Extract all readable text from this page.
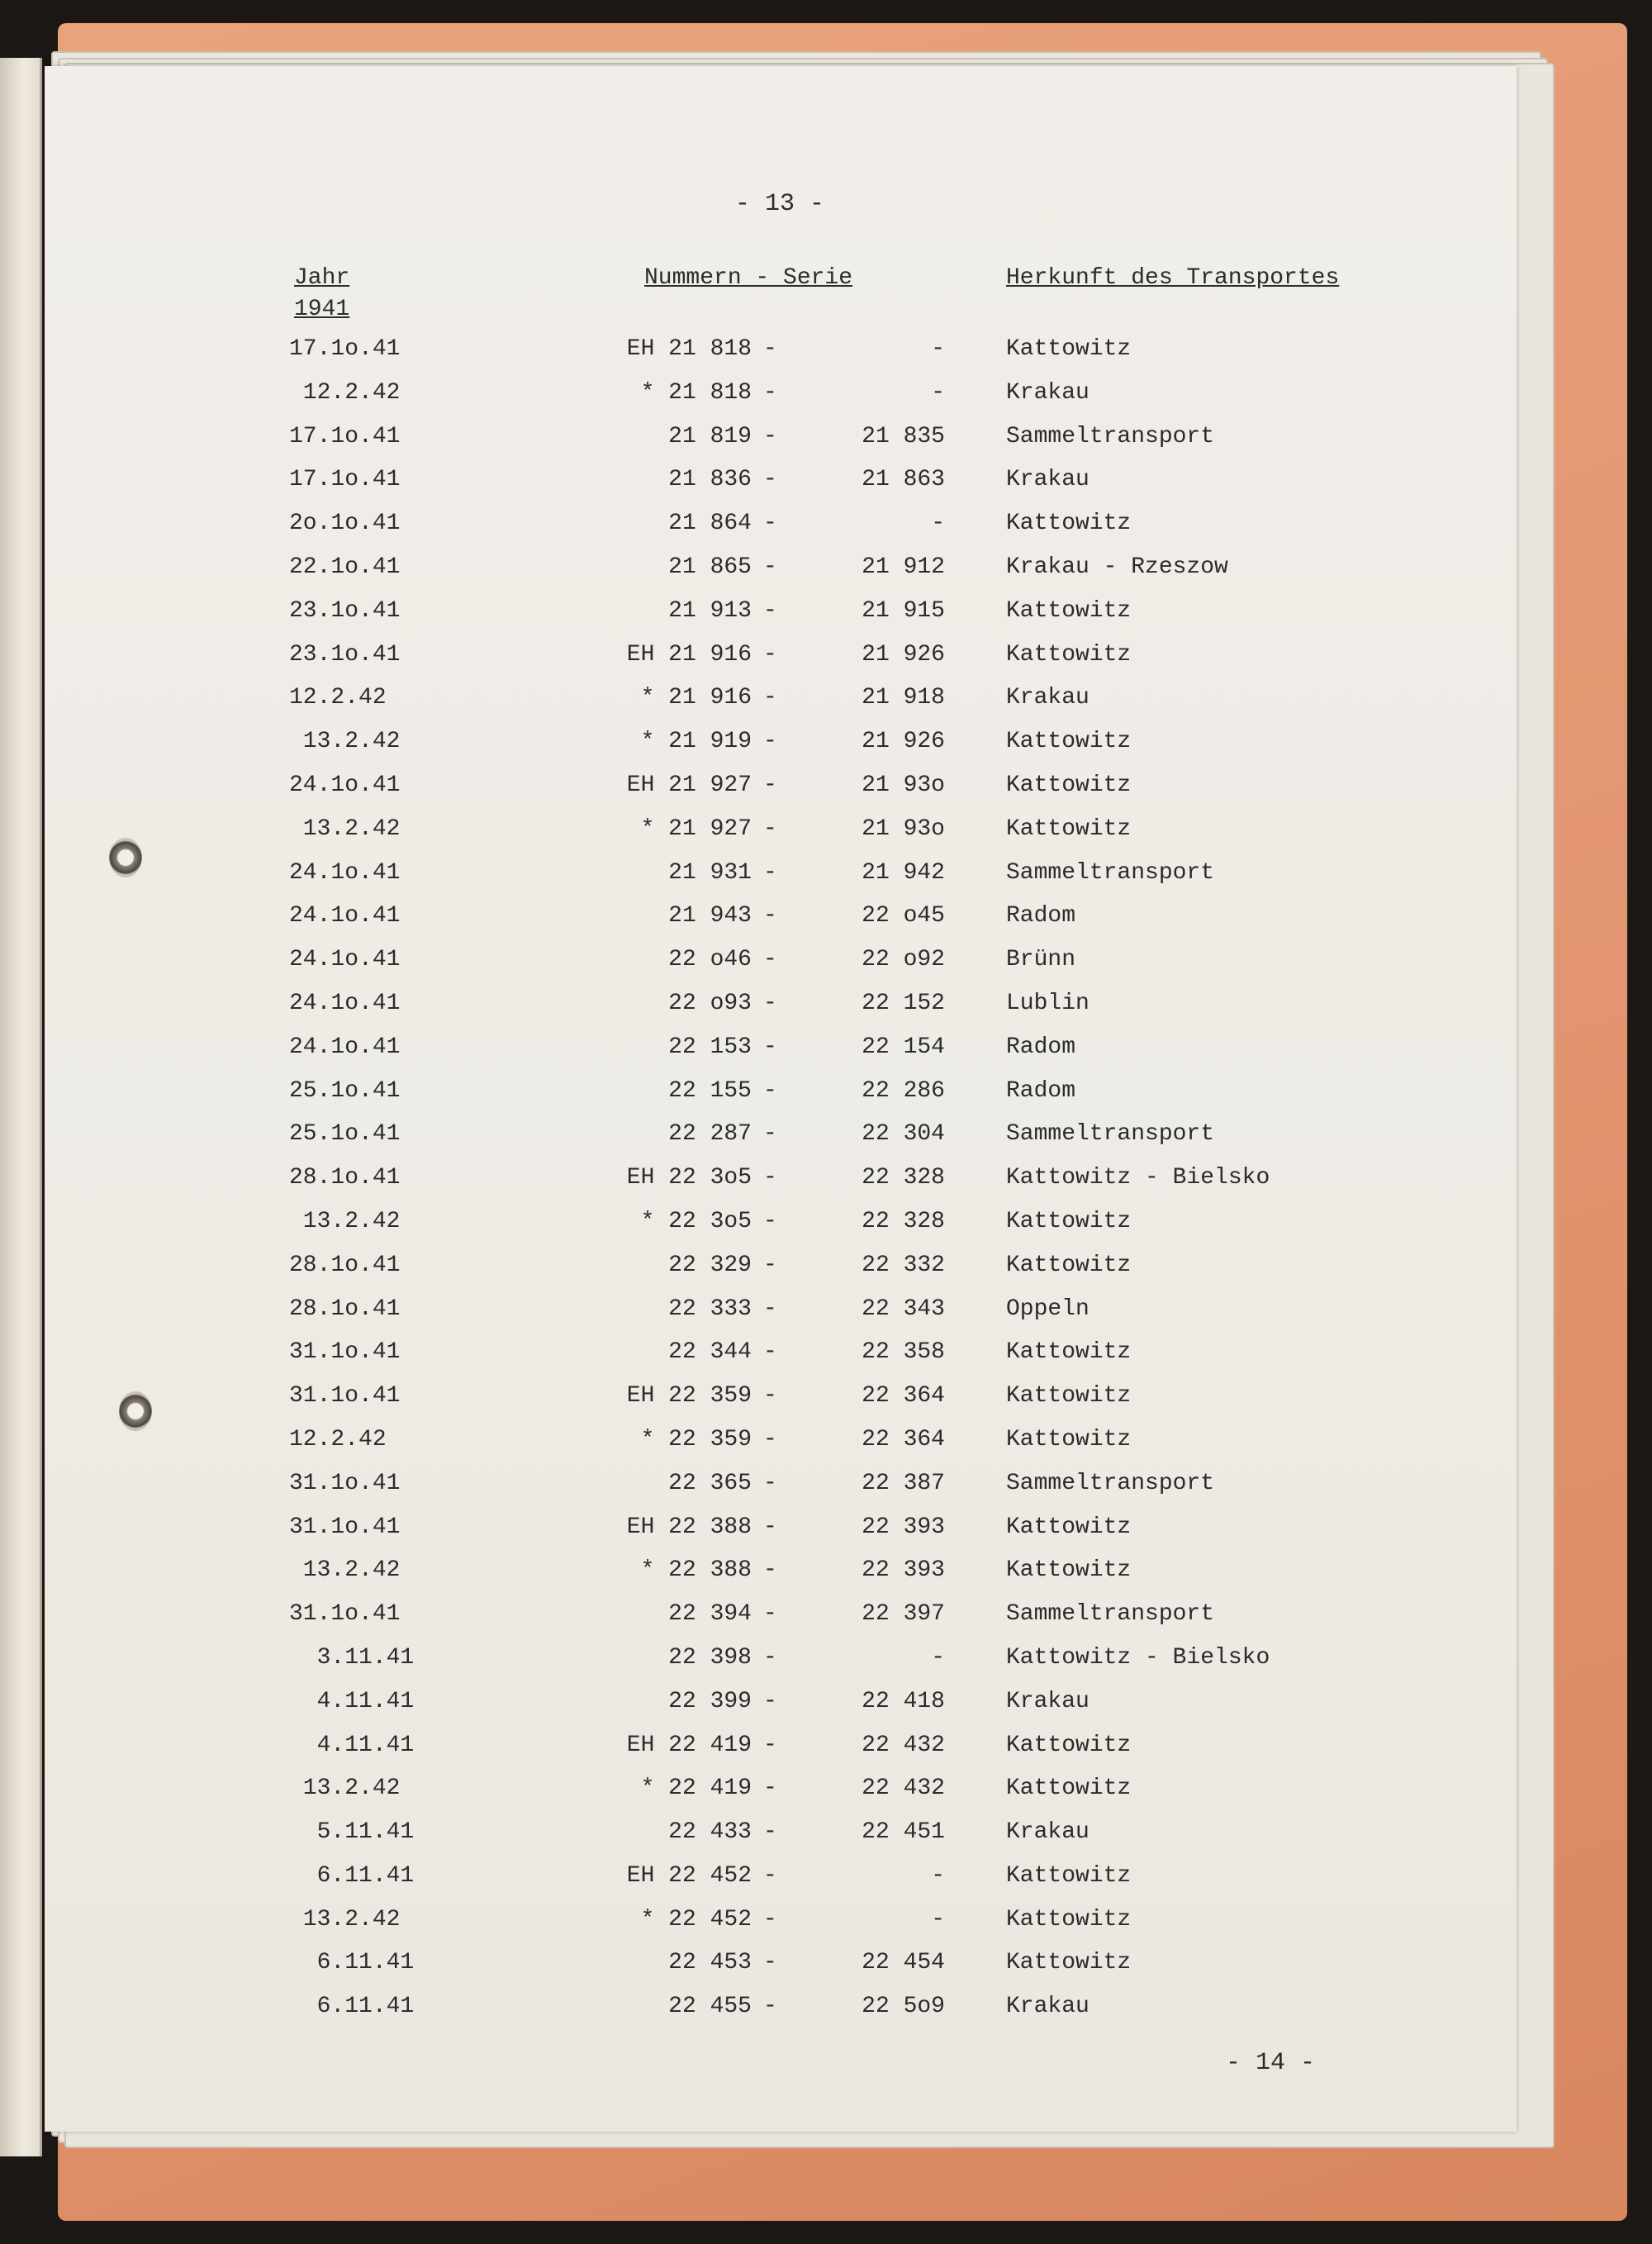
- 13 -
Jahr
1941
Nummern - Serie	Herkunft des Transportes
17.1o.41	EH 21 818 -	-	Kattowitz
12.2.42	* 21 818 -	-	Krakau
17.1o.41	21 819 -	21 835	Sammeltransport
17.1o.41	21 836 -	21 863	Krakau
2o.1o.41	21 864 -	-	Kattowitz
22.1o.41	21 865 -	21 912	Krakau - Rzeszow
23.1o.41	21 913 -	21 915	Kattowitz
23.1o.41	EH 21 916 -	21 926	Kattowitz
12.2.42	* 21 916 -	21 918	Krakau
13.2.42	* 21 919 -	21 926	Kattowitz
24.1o.41	EH 21 927 -	21 93o	Kattowitz
13.2.42	* 21 927 -	21 93o	Kattowitz
24.1o.41	21 931 -	21 942	Sammeltransport
24.1o.41	21 943 -	22 o45	Radom
24.1o.41	22 o46 -	22 o92	Brünn
24.1o.41	22 o93 -	22 152	Lublin
24.1o.41	22 153 -	22 154	Radom
25.1o.41	22 155 -	22 286	Radom
25.1o.41	22 287 -	22 304	Sammeltransport
28.1o.41	EH 22 3o5 -	22 328	Kattowitz - Bielsko
13.2.42	* 22 3o5 -	22 328	Kattowitz
28.1o.41	22 329 -	22 332	Kattowitz
28.1o.41	22 333 -	22 343	Oppeln
31.1o.41	22 344 -	22 358	Kattowitz
31.1o.41	EH 22 359 -	22 364	Kattowitz
12.2.42	* 22 359 -	22 364	Kattowitz
31.1o.41	22 365 -	22 387	Sammeltransport
31.1o.41	EH 22 388 -	22 393	Kattowitz
13.2.42	* 22 388 -	22 393	Kattowitz
31.1o.41	22 394 -	22 397	Sammeltransport
3.11.41	22 398 -	-	Kattowitz - Bielsko
4.11.41	22 399 -	22 418	Krakau
4.11.41	EH 22 419 -	22 432	Kattowitz
13.2.42	* 22 419 -	22 432	Kattowitz
5.11.41	22 433 -	22 451	Krakau
6.11.41	EH 22 452 -	-	Kattowitz
13.2.42	* 22 452 -	-	Kattowitz
6.11.41	22 453 -	22 454	Kattowitz
6.11.41	22 455 -	22 5o9	Krakau
- 14 -
